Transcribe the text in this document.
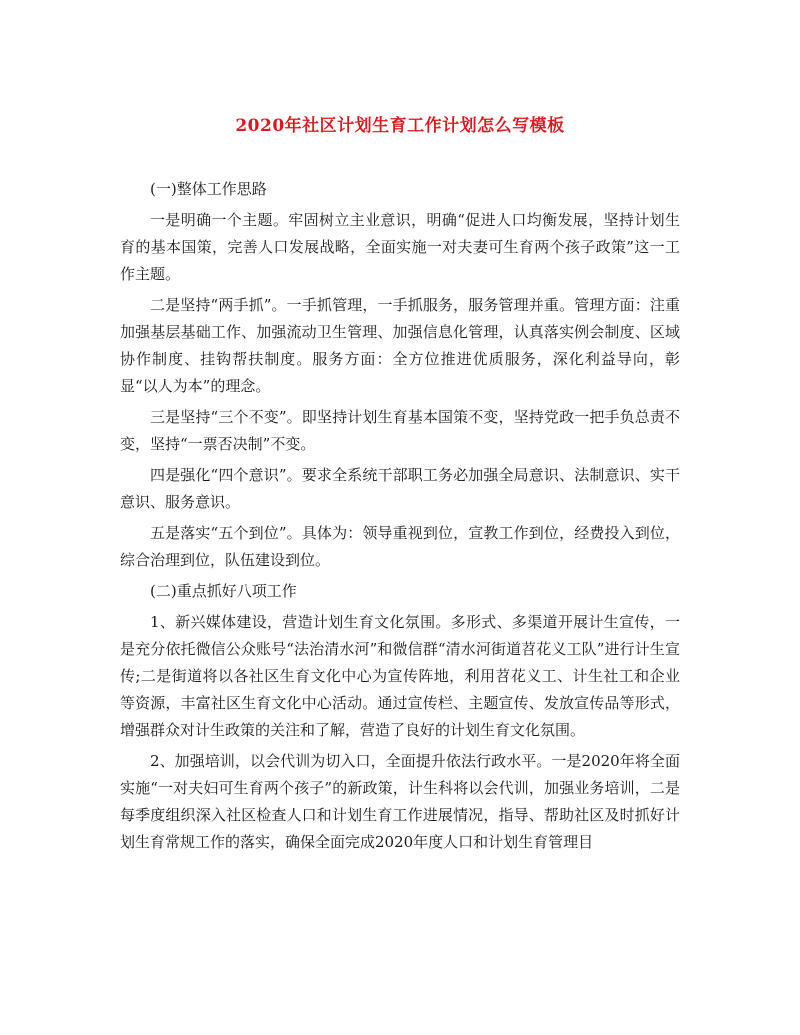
2020年社区计划生育工作计划怎么写模板

(一)整体工作思路

一是明确一个主题。牢固树立主业意识，明确“促进人口均衡发展，坚持计划生育的基本国策，完善人口发展战略，全面实施一对夫妻可生育两个孩子政策”这一工作主题。

二是坚持“两手抓”。一手抓管理，一手抓服务，服务管理并重。管理方面：注重加强基层基础工作、加强流动卫生管理、加强信息化管理，认真落实例会制度、区域协作制度、挂钩帮扶制度。服务方面：全方位推进优质服务，深化利益导向，彰显“以人为本”的理念。

三是坚持“三个不变”。即坚持计划生育基本国策不变，坚持党政一把手负总责不变，坚持“一票否决制”不变。

四是强化“四个意识”。要求全系统干部职工务必加强全局意识、法制意识、实干意识、服务意识。

五是落实“五个到位”。具体为：领导重视到位，宣教工作到位，经费投入到位，综合治理到位，队伍建设到位。

(二)重点抓好八项工作

1、新兴媒体建设，营造计划生育文化氛围。多形式、多渠道开展计生宣传，一是充分依托微信公众账号“法治清水河”和微信群“清水河街道苕花义工队”进行计生宣传;二是街道将以各社区生育文化中心为宣传阵地，利用苕花义工、计生社工和企业等资源，丰富社区生育文化中心活动。通过宣传栏、主题宣传、发放宣传品等形式，增强群众对计生政策的关注和了解，营造了良好的计划生育文化氛围。

2、加强培训，以会代训为切入口，全面提升依法行政水平。一是2020年将全面实施“一对夫妇可生育两个孩子”的新政策，计生科将以会代训，加强业务培训，二是每季度组织深入社区检查人口和计划生育工作进展情况，指导、帮助社区及时抓好计划生育常规工作的落实，确保全面完成2020年度人口和计划生育管理目
